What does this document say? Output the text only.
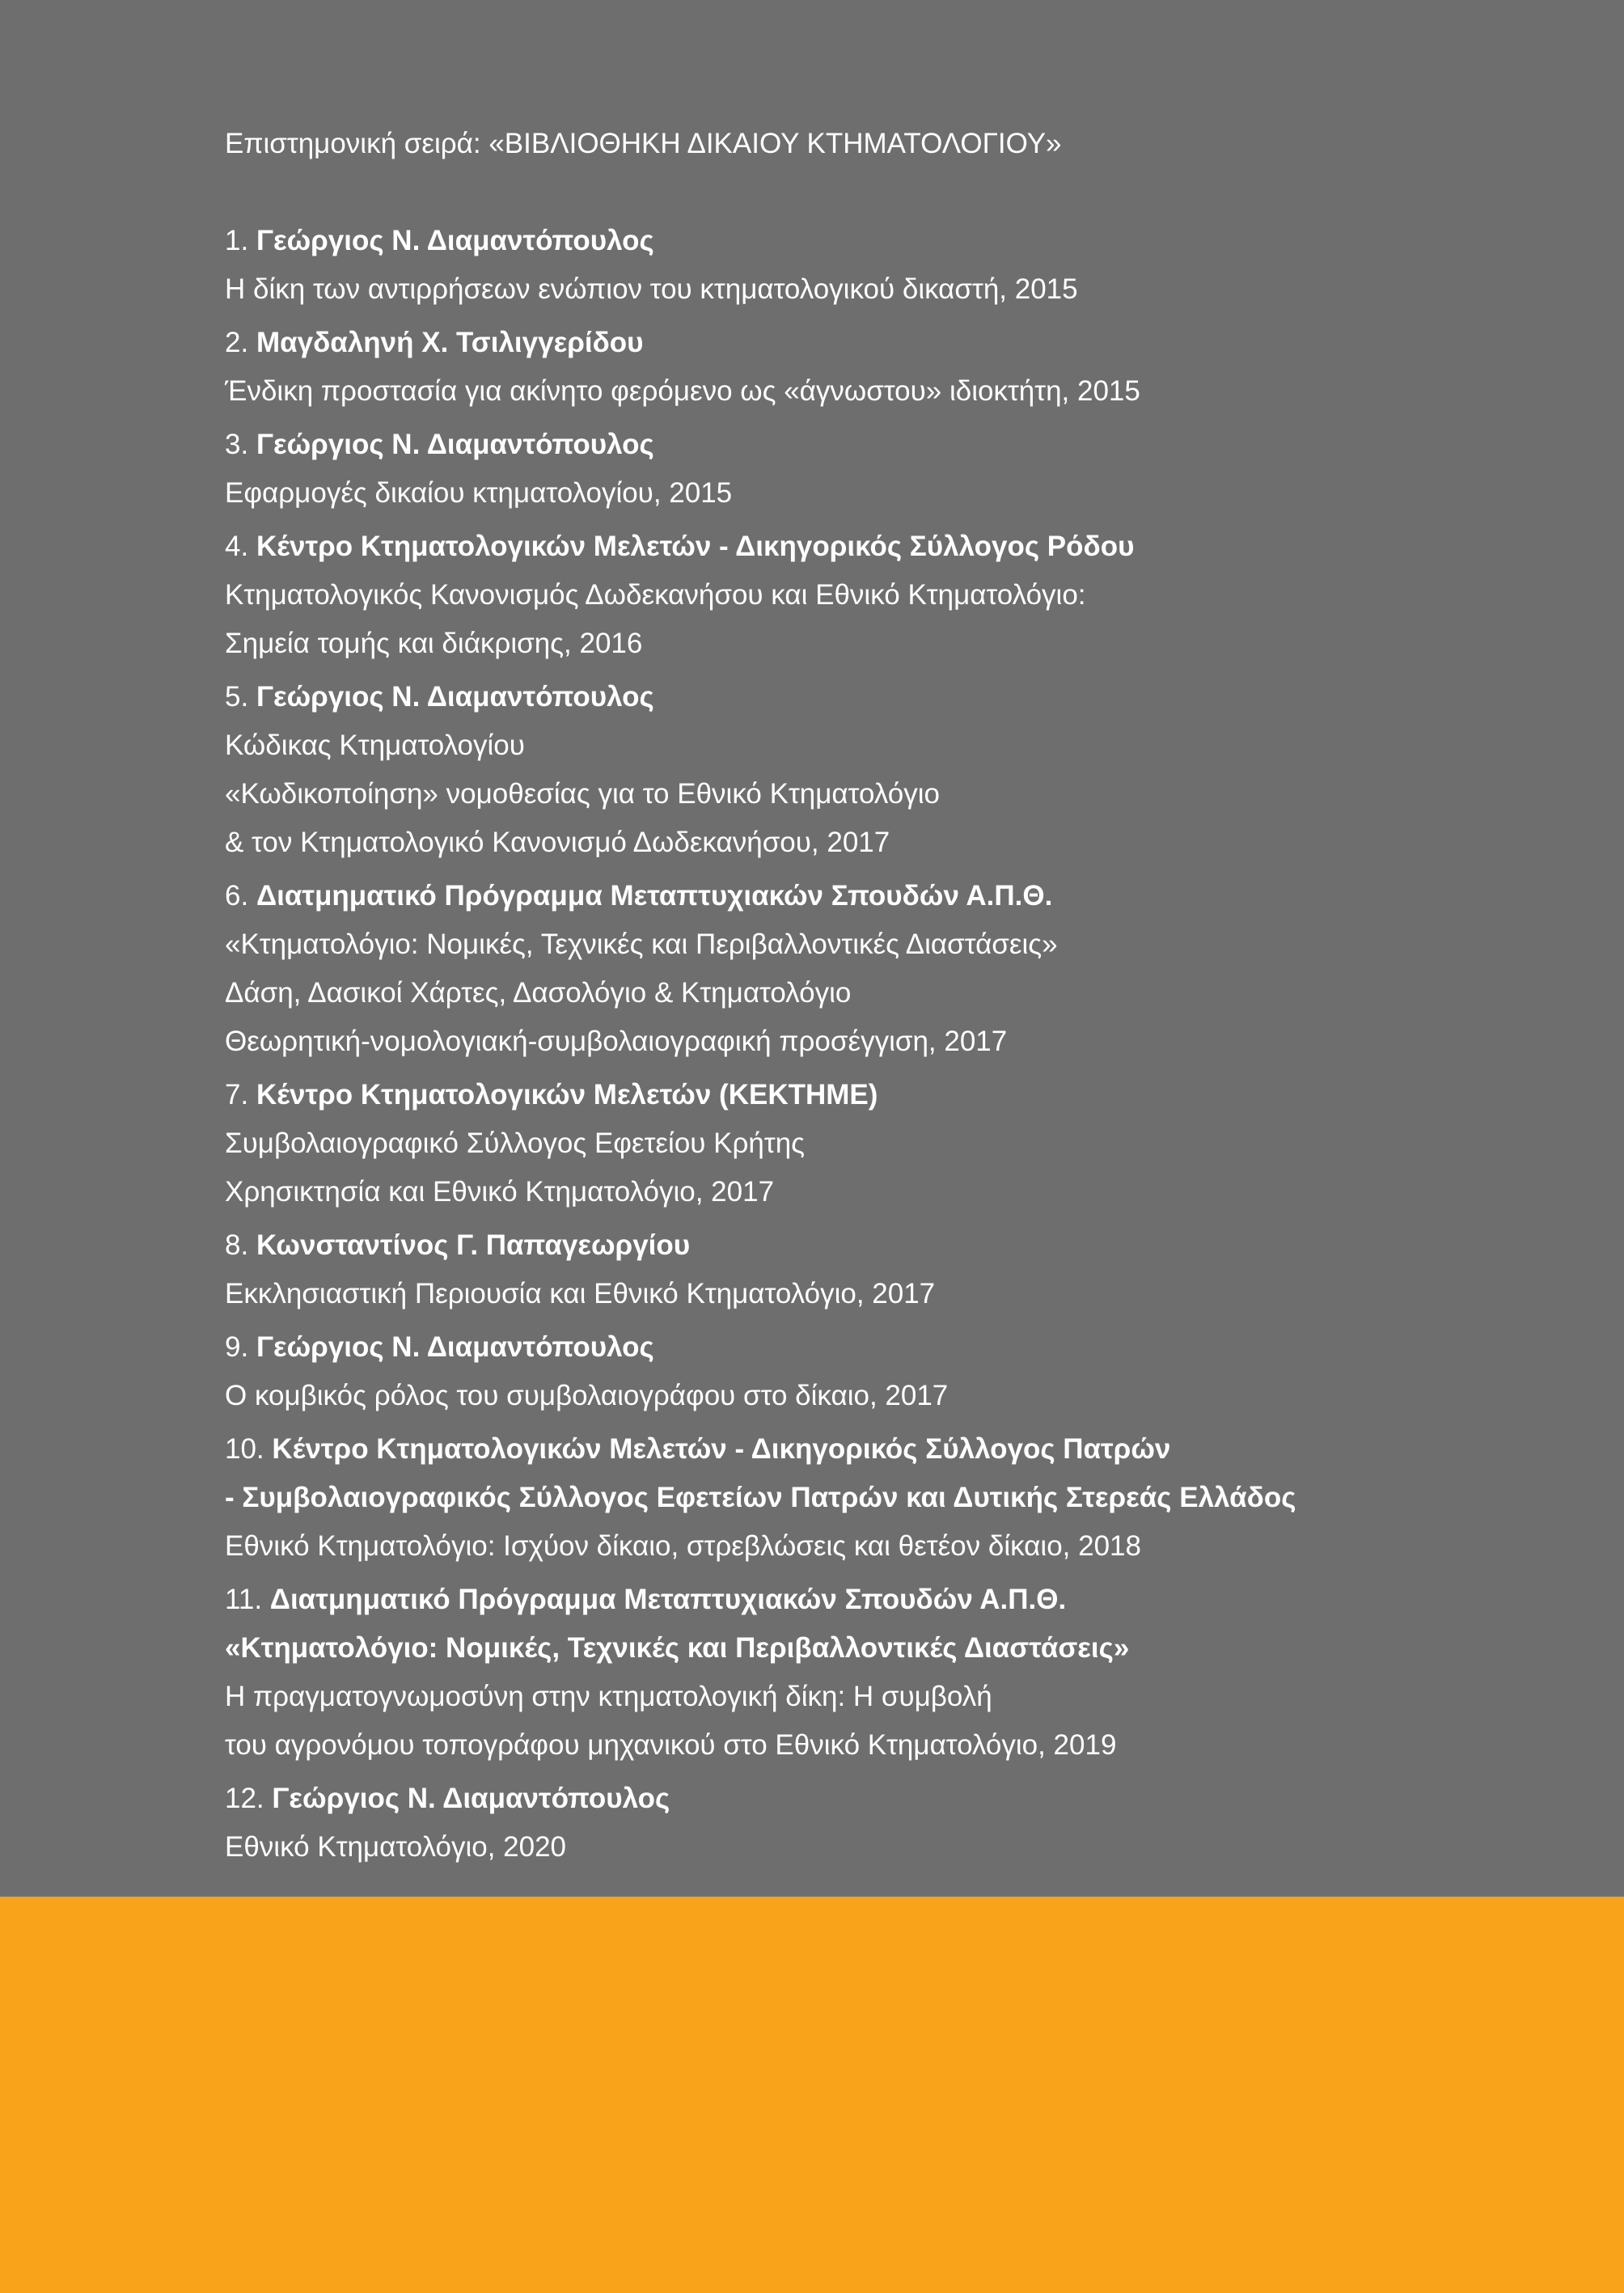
Επιστημονική σειρά: «ΒΙΒΛΙΟΘΗΚΗ ΔΙΚΑΙΟΥ ΚΤΗΜΑΤΟΛΟΓΙΟΥ»
1. Γεώργιος Ν. Διαμαντόπουλος
Η δίκη των αντιρρήσεων ενώπιον του κτηματολογικού δικαστή, 2015
2. Μαγδαληνή Χ. Τσιλιγγερίδου
Ένδικη προστασία για ακίνητο φερόμενο ως «άγνωστου» ιδιοκτήτη, 2015
3. Γεώργιος Ν. Διαμαντόπουλος
Εφαρμογές δικαίου κτηματολογίου, 2015
4. Κέντρο Κτηματολογικών Μελετών - Δικηγορικός Σύλλογος Ρόδου
Κτηματολογικός Κανονισμός Δωδεκανήσου και Εθνικό Κτηματολόγιο:
Σημεία τομής και διάκρισης, 2016
5. Γεώργιος Ν. Διαμαντόπουλος
Κώδικας Κτηματολογίου
«Κωδικοποίηση» νομοθεσίας για το Εθνικό Κτηματολόγιο
& τον Κτηματολογικό Κανονισμό Δωδεκανήσου, 2017
6. Διατμηματικό Πρόγραμμα Μεταπτυχιακών Σπουδών Α.Π.Θ.
«Κτηματολόγιο: Νομικές, Τεχνικές και Περιβαλλοντικές Διαστάσεις»
Δάση, Δασικοί Χάρτες, Δασολόγιο & Κτηματολόγιο
Θεωρητική-νομολογιακή-συμβολαιογραφική προσέγγιση, 2017
7. Κέντρο Κτηματολογικών Μελετών (ΚΕΚΤΗΜΕ)
Συμβολαιογραφικό Σύλλογος Εφετείου Κρήτης
Χρησικτησία και Εθνικό Κτηματολόγιο, 2017
8. Κωνσταντίνος Γ. Παπαγεωργίου
Εκκλησιαστική Περιουσία και Εθνικό Κτηματολόγιο, 2017
9. Γεώργιος Ν. Διαμαντόπουλος
Ο κομβικός ρόλος του συμβολαιογράφου στο δίκαιο, 2017
10. Κέντρο Κτηματολογικών Μελετών - Δικηγορικός Σύλλογος Πατρών
- Συμβολαιογραφικός Σύλλογος Εφετείων Πατρών και Δυτικής Στερεάς Ελλάδος
Εθνικό Κτηματολόγιο: Ισχύον δίκαιο, στρεβλώσεις και θετέον δίκαιο, 2018
11. Διατμηματικό Πρόγραμμα Μεταπτυχιακών Σπουδών Α.Π.Θ.
«Κτηματολόγιο: Νομικές, Τεχνικές και Περιβαλλοντικές Διαστάσεις»
Η πραγματογνωμοσύνη στην κτηματολογική δίκη: Η συμβολή
του αγρονόμου τοπογράφου μηχανικού στο Εθνικό Κτηματολόγιο, 2019
12. Γεώργιος Ν. Διαμαντόπουλος
Εθνικό Κτηματολόγιο, 2020
